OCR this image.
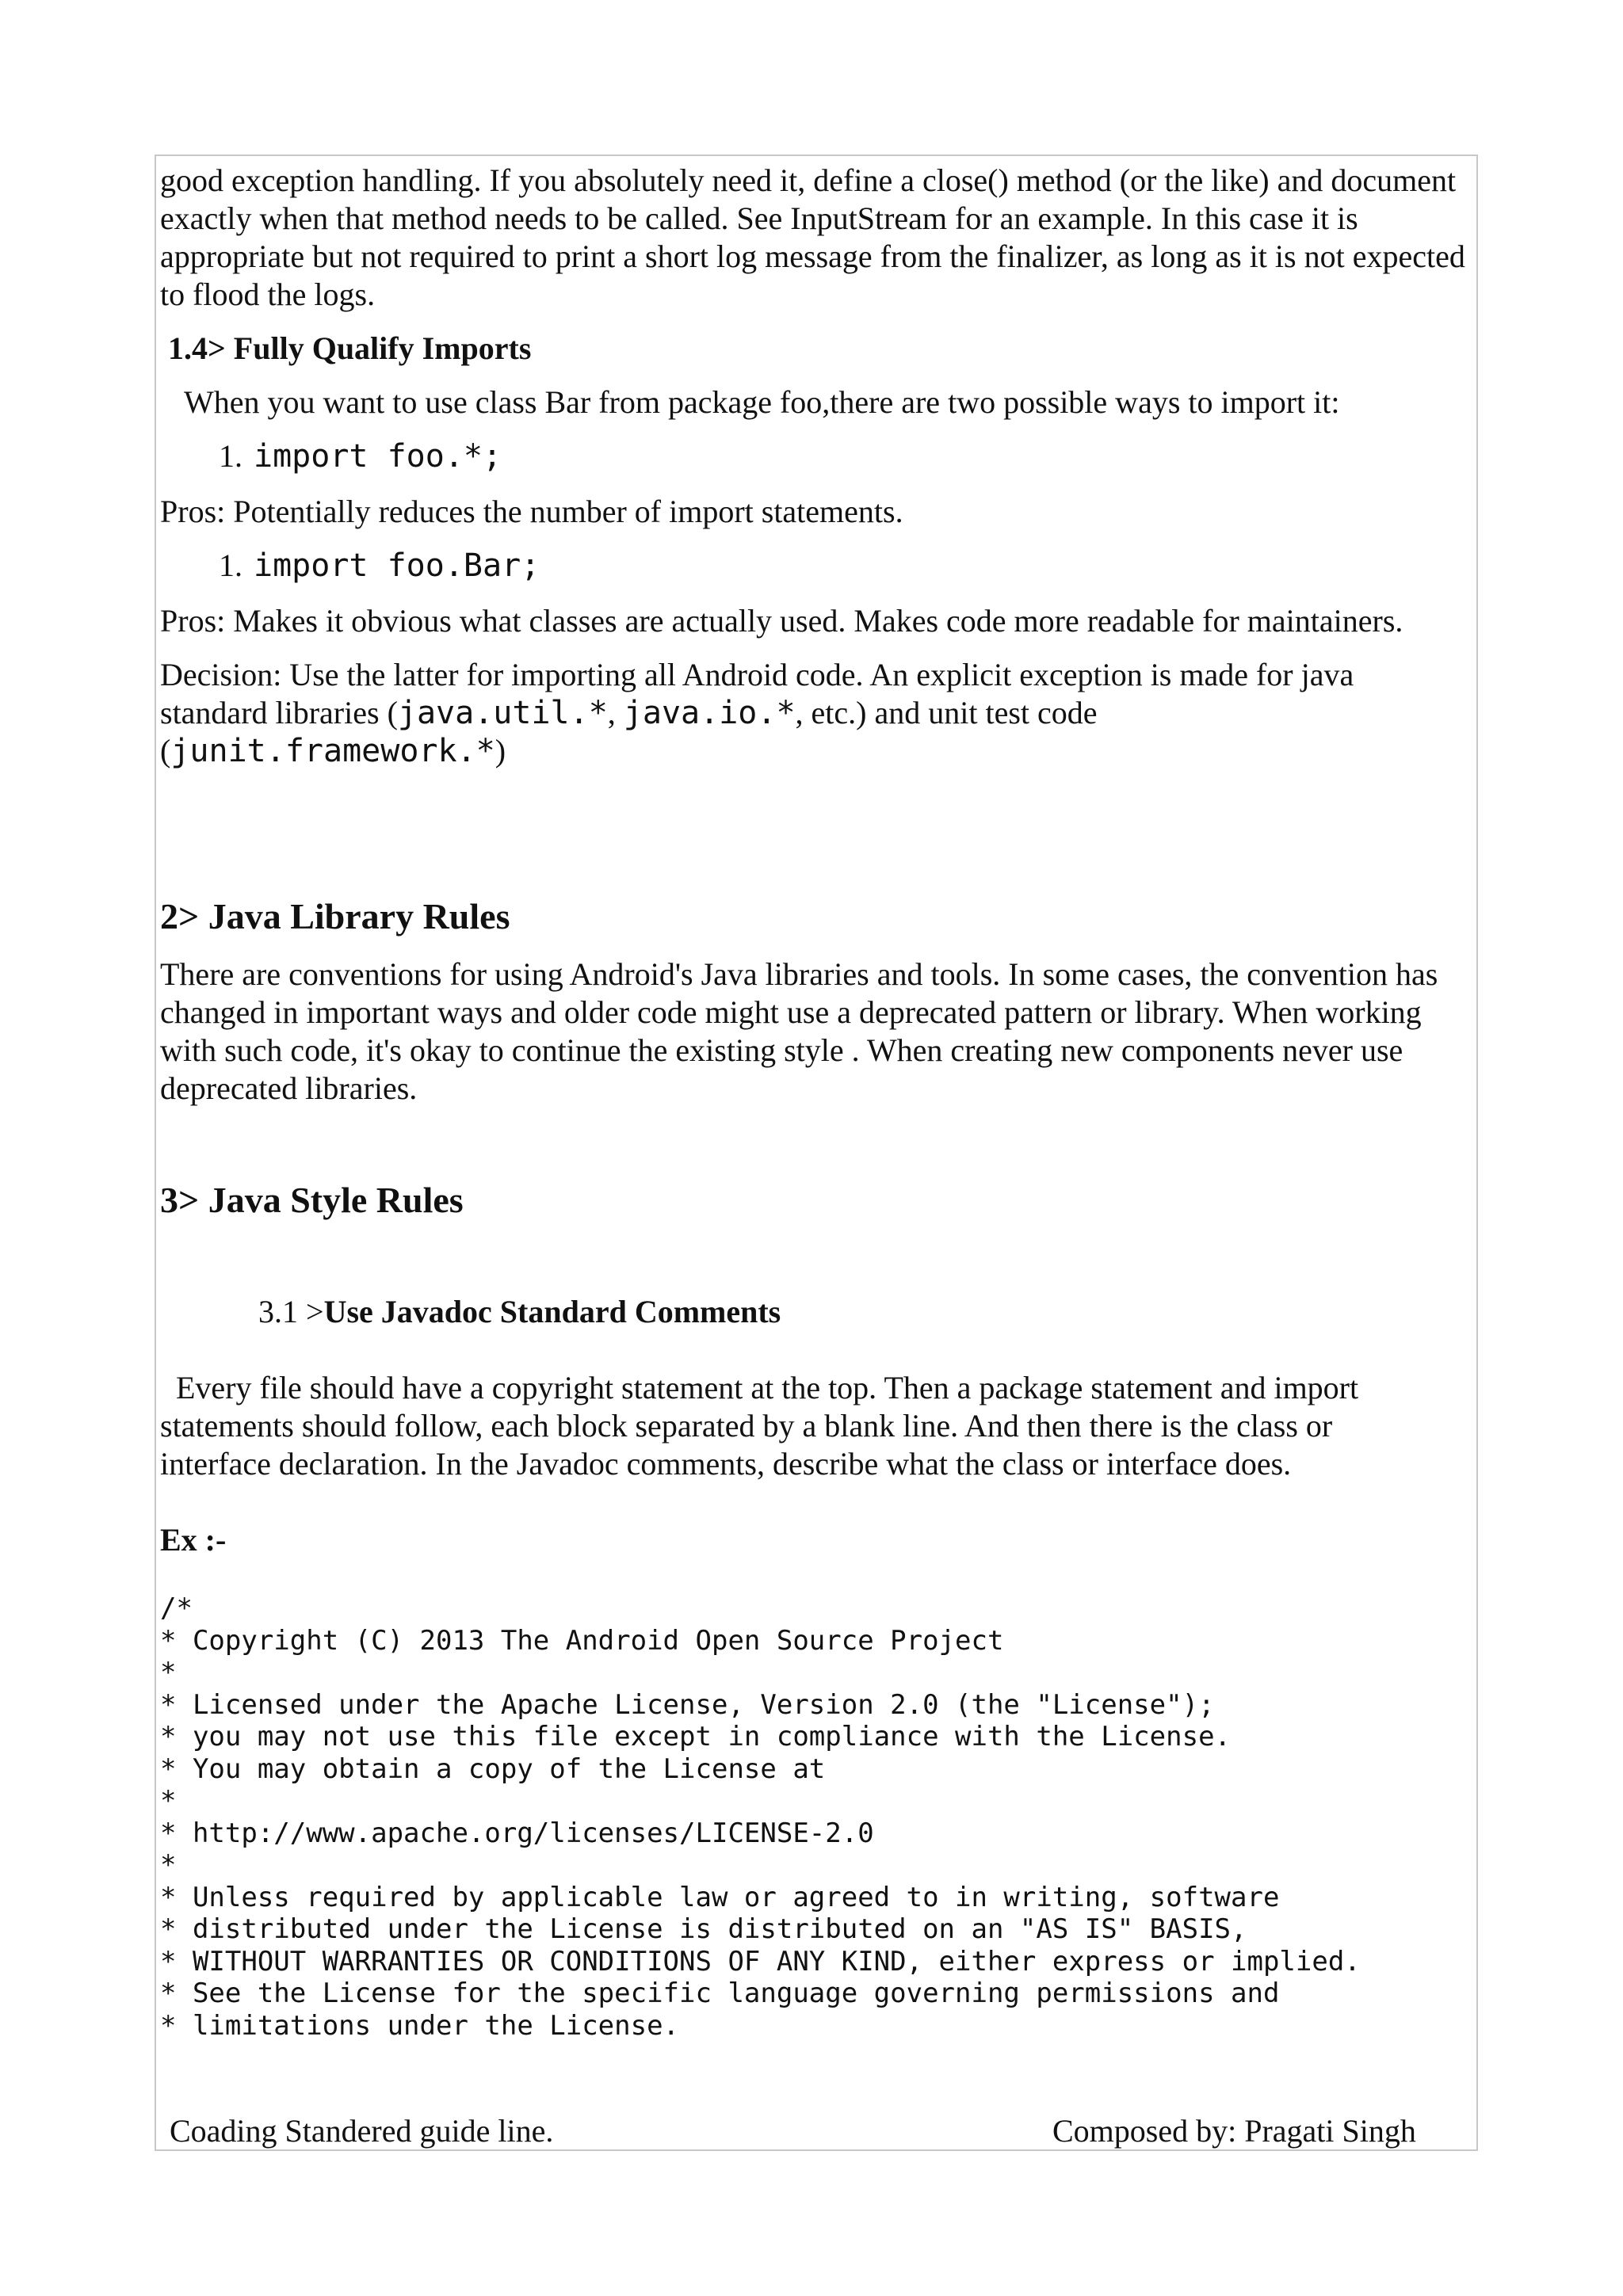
good exception handling. If you absolutely need it, define a close() method (or the like) and document exactly when that method needs to be called. See InputStream for an example. In this case it is appropriate but not required to print a short log message from the finalizer, as long as it is not expected to flood the logs.

1.4> Fully Qualify Imports

When you want to use class Bar from package foo,there are two possible ways to import it:

1. import foo.*;

Pros: Potentially reduces the number of import statements.

1. import foo.Bar;

Pros: Makes it obvious what classes are actually used. Makes code more readable for maintainers.

Decision: Use the latter for importing all Android code. An explicit exception is made for java standard libraries (java.util.*, java.io.*, etc.) and unit test code (junit.framework.*)

2> Java Library Rules

There are conventions for using Android's Java libraries and tools. In some cases, the convention has changed in important ways and older code might use a deprecated pattern or library. When working with such code, it's okay to continue the existing style . When creating new components never use deprecated libraries.

3> Java Style Rules
3.1 >Use Javadoc Standard Comments

Every file should have a copyright statement at the top. Then a package statement and import statements should follow, each block separated by a blank line. And then there is the class or interface declaration. In the Javadoc comments, describe what the class or interface does.

Ex :-
/*
* Copyright (C) 2013 The Android Open Source Project
*
* Licensed under the Apache License, Version 2.0 (the "License");
* you may not use this file except in compliance with the License.
* You may obtain a copy of the License at
*
* http://www.apache.org/licenses/LICENSE-2.0
*
* Unless required by applicable law or agreed to in writing, software
* distributed under the License is distributed on an "AS IS" BASIS,
* WITHOUT WARRANTIES OR CONDITIONS OF ANY KIND, either express or implied.
* See the License for the specific language governing permissions and
* limitations under the License.
Coading Standered guide line.	Composed by: Pragati Singh
